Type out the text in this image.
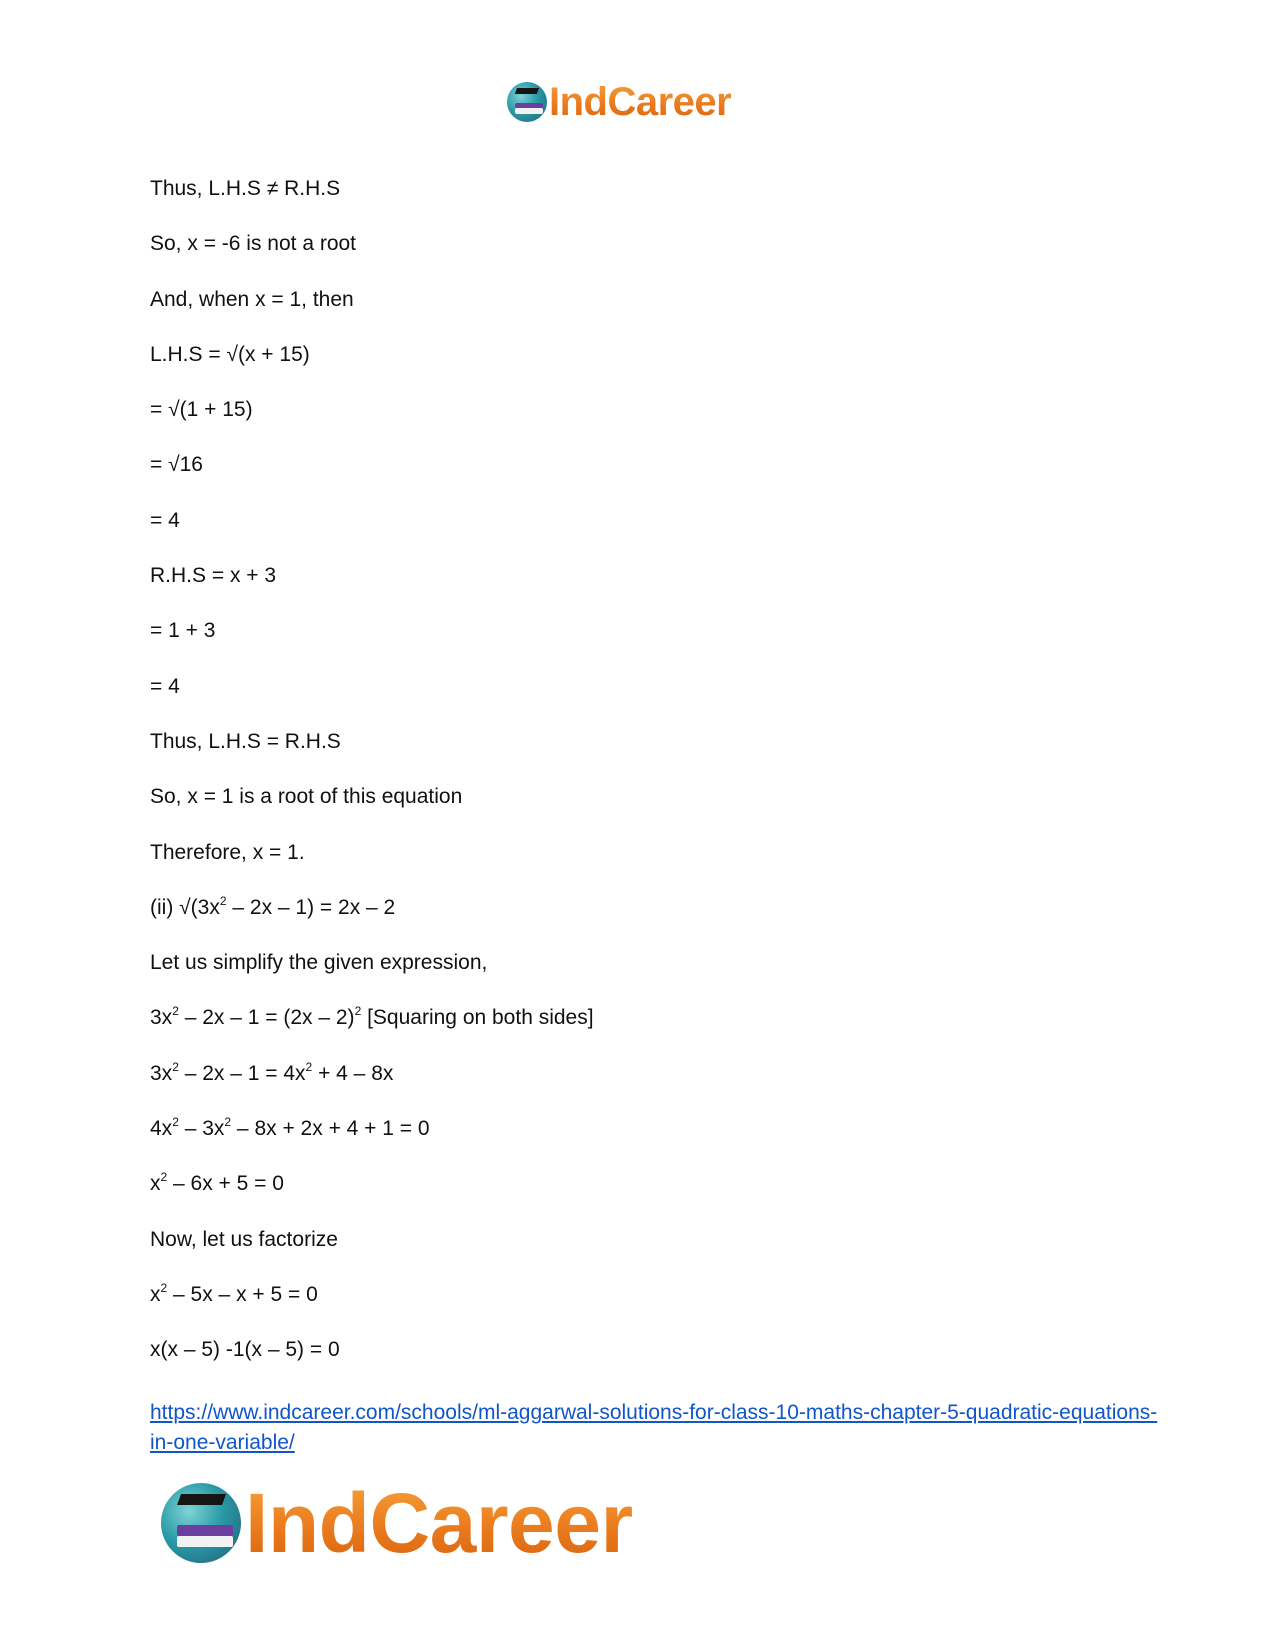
IndCareer
Thus, L.H.S ≠ R.H.S
So, x = -6 is not a root
And, when x = 1, then
L.H.S = √(x + 15)
= √(1 + 15)
= √16
= 4
R.H.S = x + 3
= 1 + 3
= 4
Thus, L.H.S = R.H.S
So, x = 1 is a root of this equation
Therefore, x = 1.
(ii) $√(3x^2 - 2x - 1) = 2x - 2$
Let us simplify the given expression,
$3x^2 - 2x - 1 = (2x - 2)^2$ [Squaring on both sides]
$3x^2 - 2x - 1 = 4x^2 + 4 - 8x$
$4x^2 - 3x^2 - 8x + 2x + 4 + 1 = 0$
$x^2 - 6x + 5 = 0$
Now, let us factorize
$x^2 - 5x - x + 5 = 0$
x(x – 5) -1(x – 5) = 0
https://www.indcareer.com/schools/ml-aggarwal-solutions-for-class-10-maths-chapter-5-quadratic-equations-in-one-variable/
IndCareer
